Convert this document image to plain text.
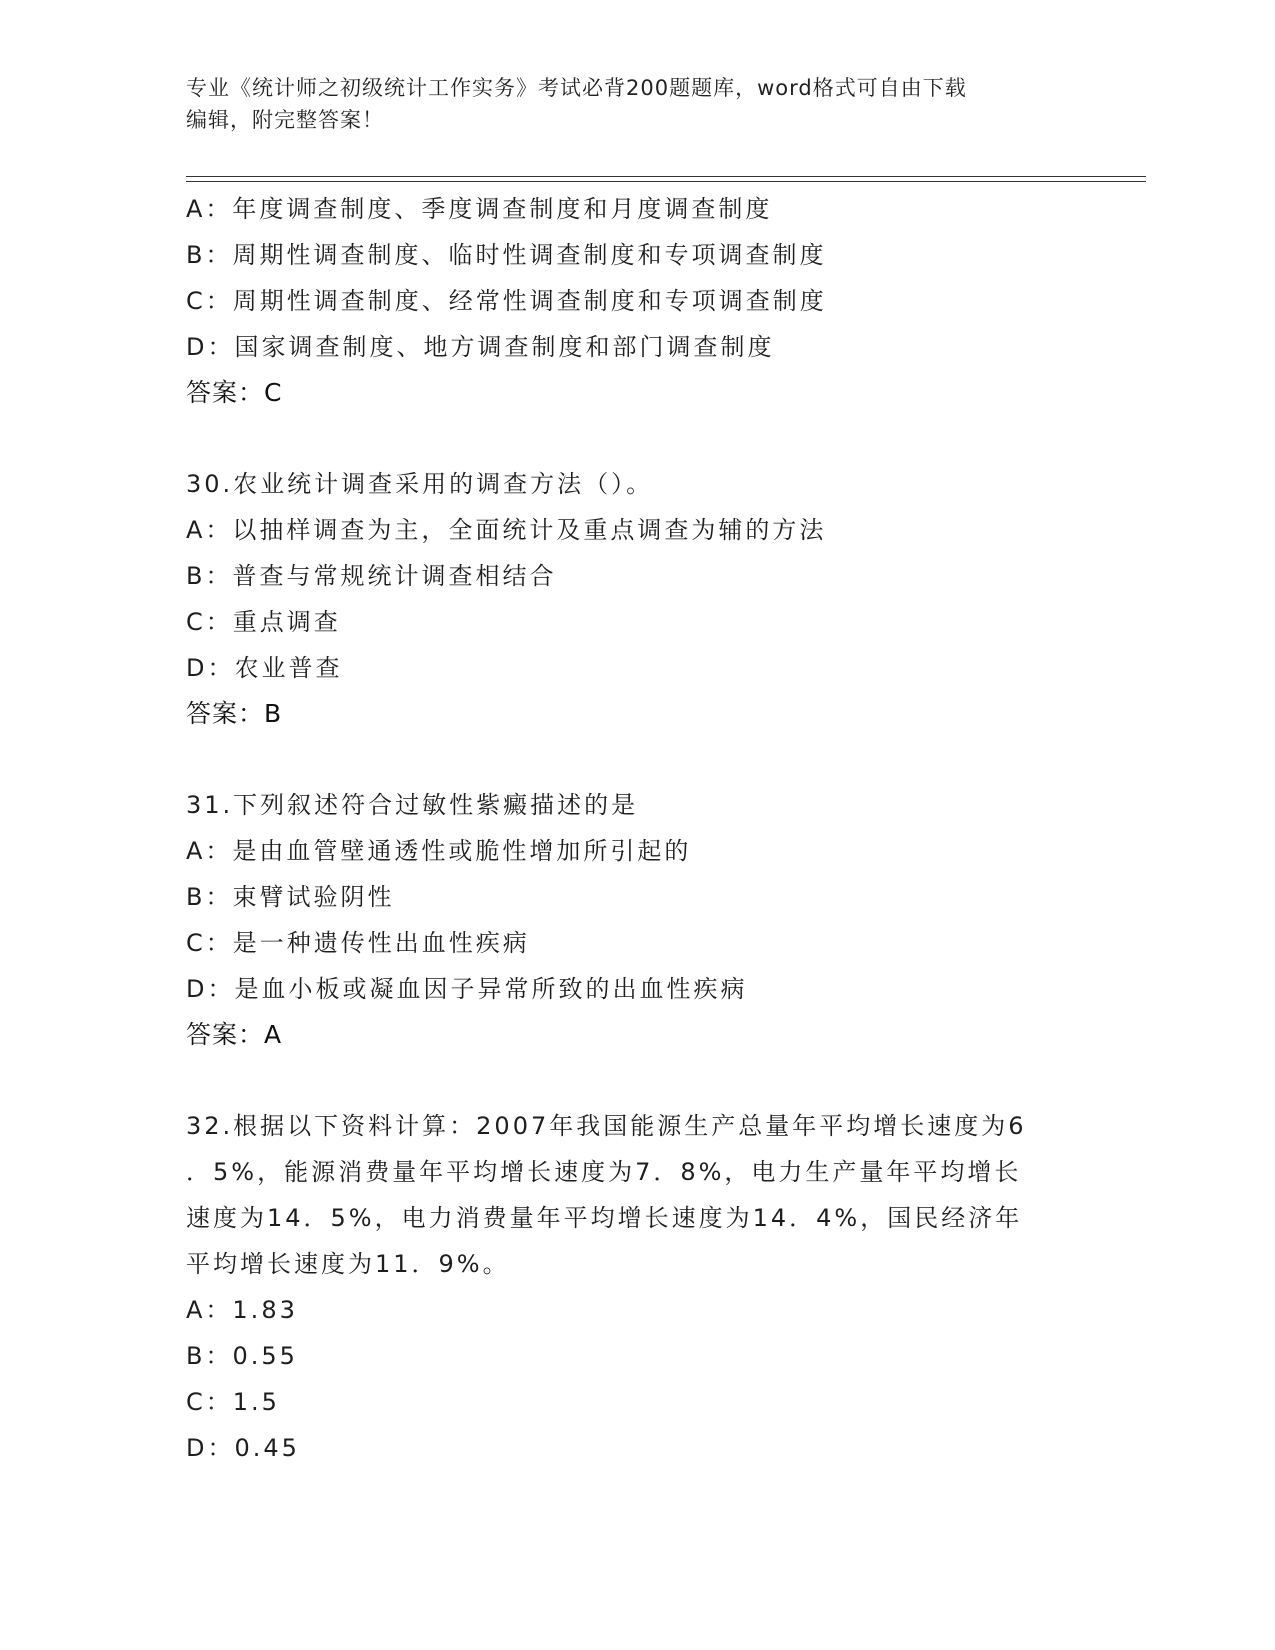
专业《统计师之初级统计工作实务》考试必背200题题库，word格式可自由下载
编辑，附完整答案！
A：年度调查制度、季度调查制度和月度调查制度
B：周期性调查制度、临时性调查制度和专项调查制度
C：周期性调查制度、经常性调查制度和专项调查制度
D：国家调查制度、地方调查制度和部门调查制度
答案：C
30.农业统计调查采用的调查方法（）。
A：以抽样调查为主，全面统计及重点调查为辅的方法
B：普查与常规统计调查相结合
C：重点调查
D：农业普查
答案：B
31.下列叙述符合过敏性紫癜描述的是
A：是由血管壁通透性或脆性增加所引起的
B：束臂试验阴性
C：是一种遗传性出血性疾病
D：是血小板或凝血因子异常所致的出血性疾病
答案：A
32.根据以下资料计算：2007年我国能源生产总量年平均增长速度为6
．5%，能源消费量年平均增长速度为7．8%，电力生产量年平均增长
速度为14．5%，电力消费量年平均增长速度为14．4%，国民经济年
平均增长速度为11．9%。
A：1.83
B：0.55
C：1.5
D：0.45
